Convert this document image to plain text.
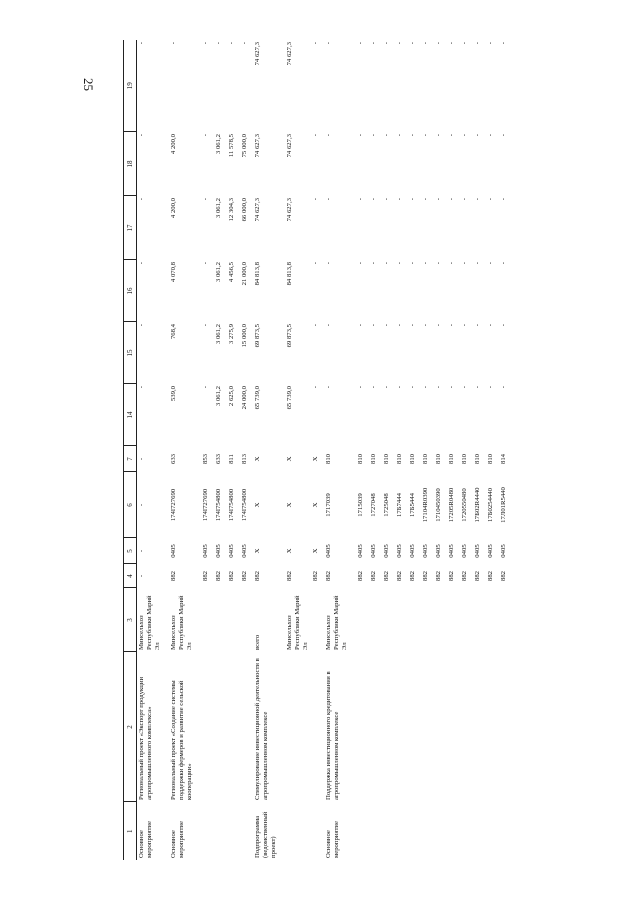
25
1	2	3	4	5	6	7	14	15	16	17	18	19
Основное мероприятие	Региональный проект «Экспорт продукции агропромышленного комплекса»	Минсельхоз Республики Марий Эл	-	-	-	-	-	-	-	-	-	-
Основное мероприятие	Региональный проект «Создание системы поддержки фермеров и развитие сельской кооперации»	Минсельхоз Республики Марий Эл	882	0405	174I727690	633	539,0	768,4	4 070,8	4 200,0	4 200,0	-
			882	0405	174I727690	853	-	-	-	-	-	-
			882	0405	174I754800	633	3 061,2	3 061,2	3 061,2	3 061,2	3 061,2	-
			882	0405	174I754800	811	2 625,0	3 275,9	4 456,5	12 304,3	11 578,5	-
			882	0405	174I754800	813	24 000,0	15 000,0	21 000,0	66 000,0	75 000,0	-
Подпрограмма (ведомственный проект)	Стимулирование инвестиционной деятельности в агропромышленном комплексе	всего	882	X	X	X	65 739,0	69 873,5	84 813,8	74 627,3	74 627,3	74 627,3
		Минсельхоз Республики Марий Эл	882	X	X	X	65 739,0	69 873,5	84 813,8	74 627,3	74 627,3	74 627,3
			882	X	X	X	-	-	-	-	-	-
Основное мероприятие	Поддержка инвестиционного кредитования в агропромышленном комплексе	Минсельхоз Республики Марий Эл	882	0405	1717039	810	-	-	-	-	-	-
			882	0405	1715039	810	-	-	-	-	-	-
			882	0405	1727048	810	-	-	-	-	-	-
			882	0405	1725048	810	-	-	-	-	-	-
			882	0405	17Б7444	810	-	-	-	-	-	-
			882	0405	17Б5444	810	-	-	-	-	-	-
			882	0405	17104R0390	810	-	-	-	-	-	-
			882	0405	1710450390	810	-	-	-	-	-	-
			882	0405	17205R0480	810	-	-	-	-	-	-
			882	0405	1720550480	810	-	-	-	-	-	-
			882	0405	17Б02R4440	810	-	-	-	-	-	-
			882	0405	17Б0254440	810	-	-	-	-	-	-
			882	0405	17Л01R5440	814	-	-	-	-	-	-
